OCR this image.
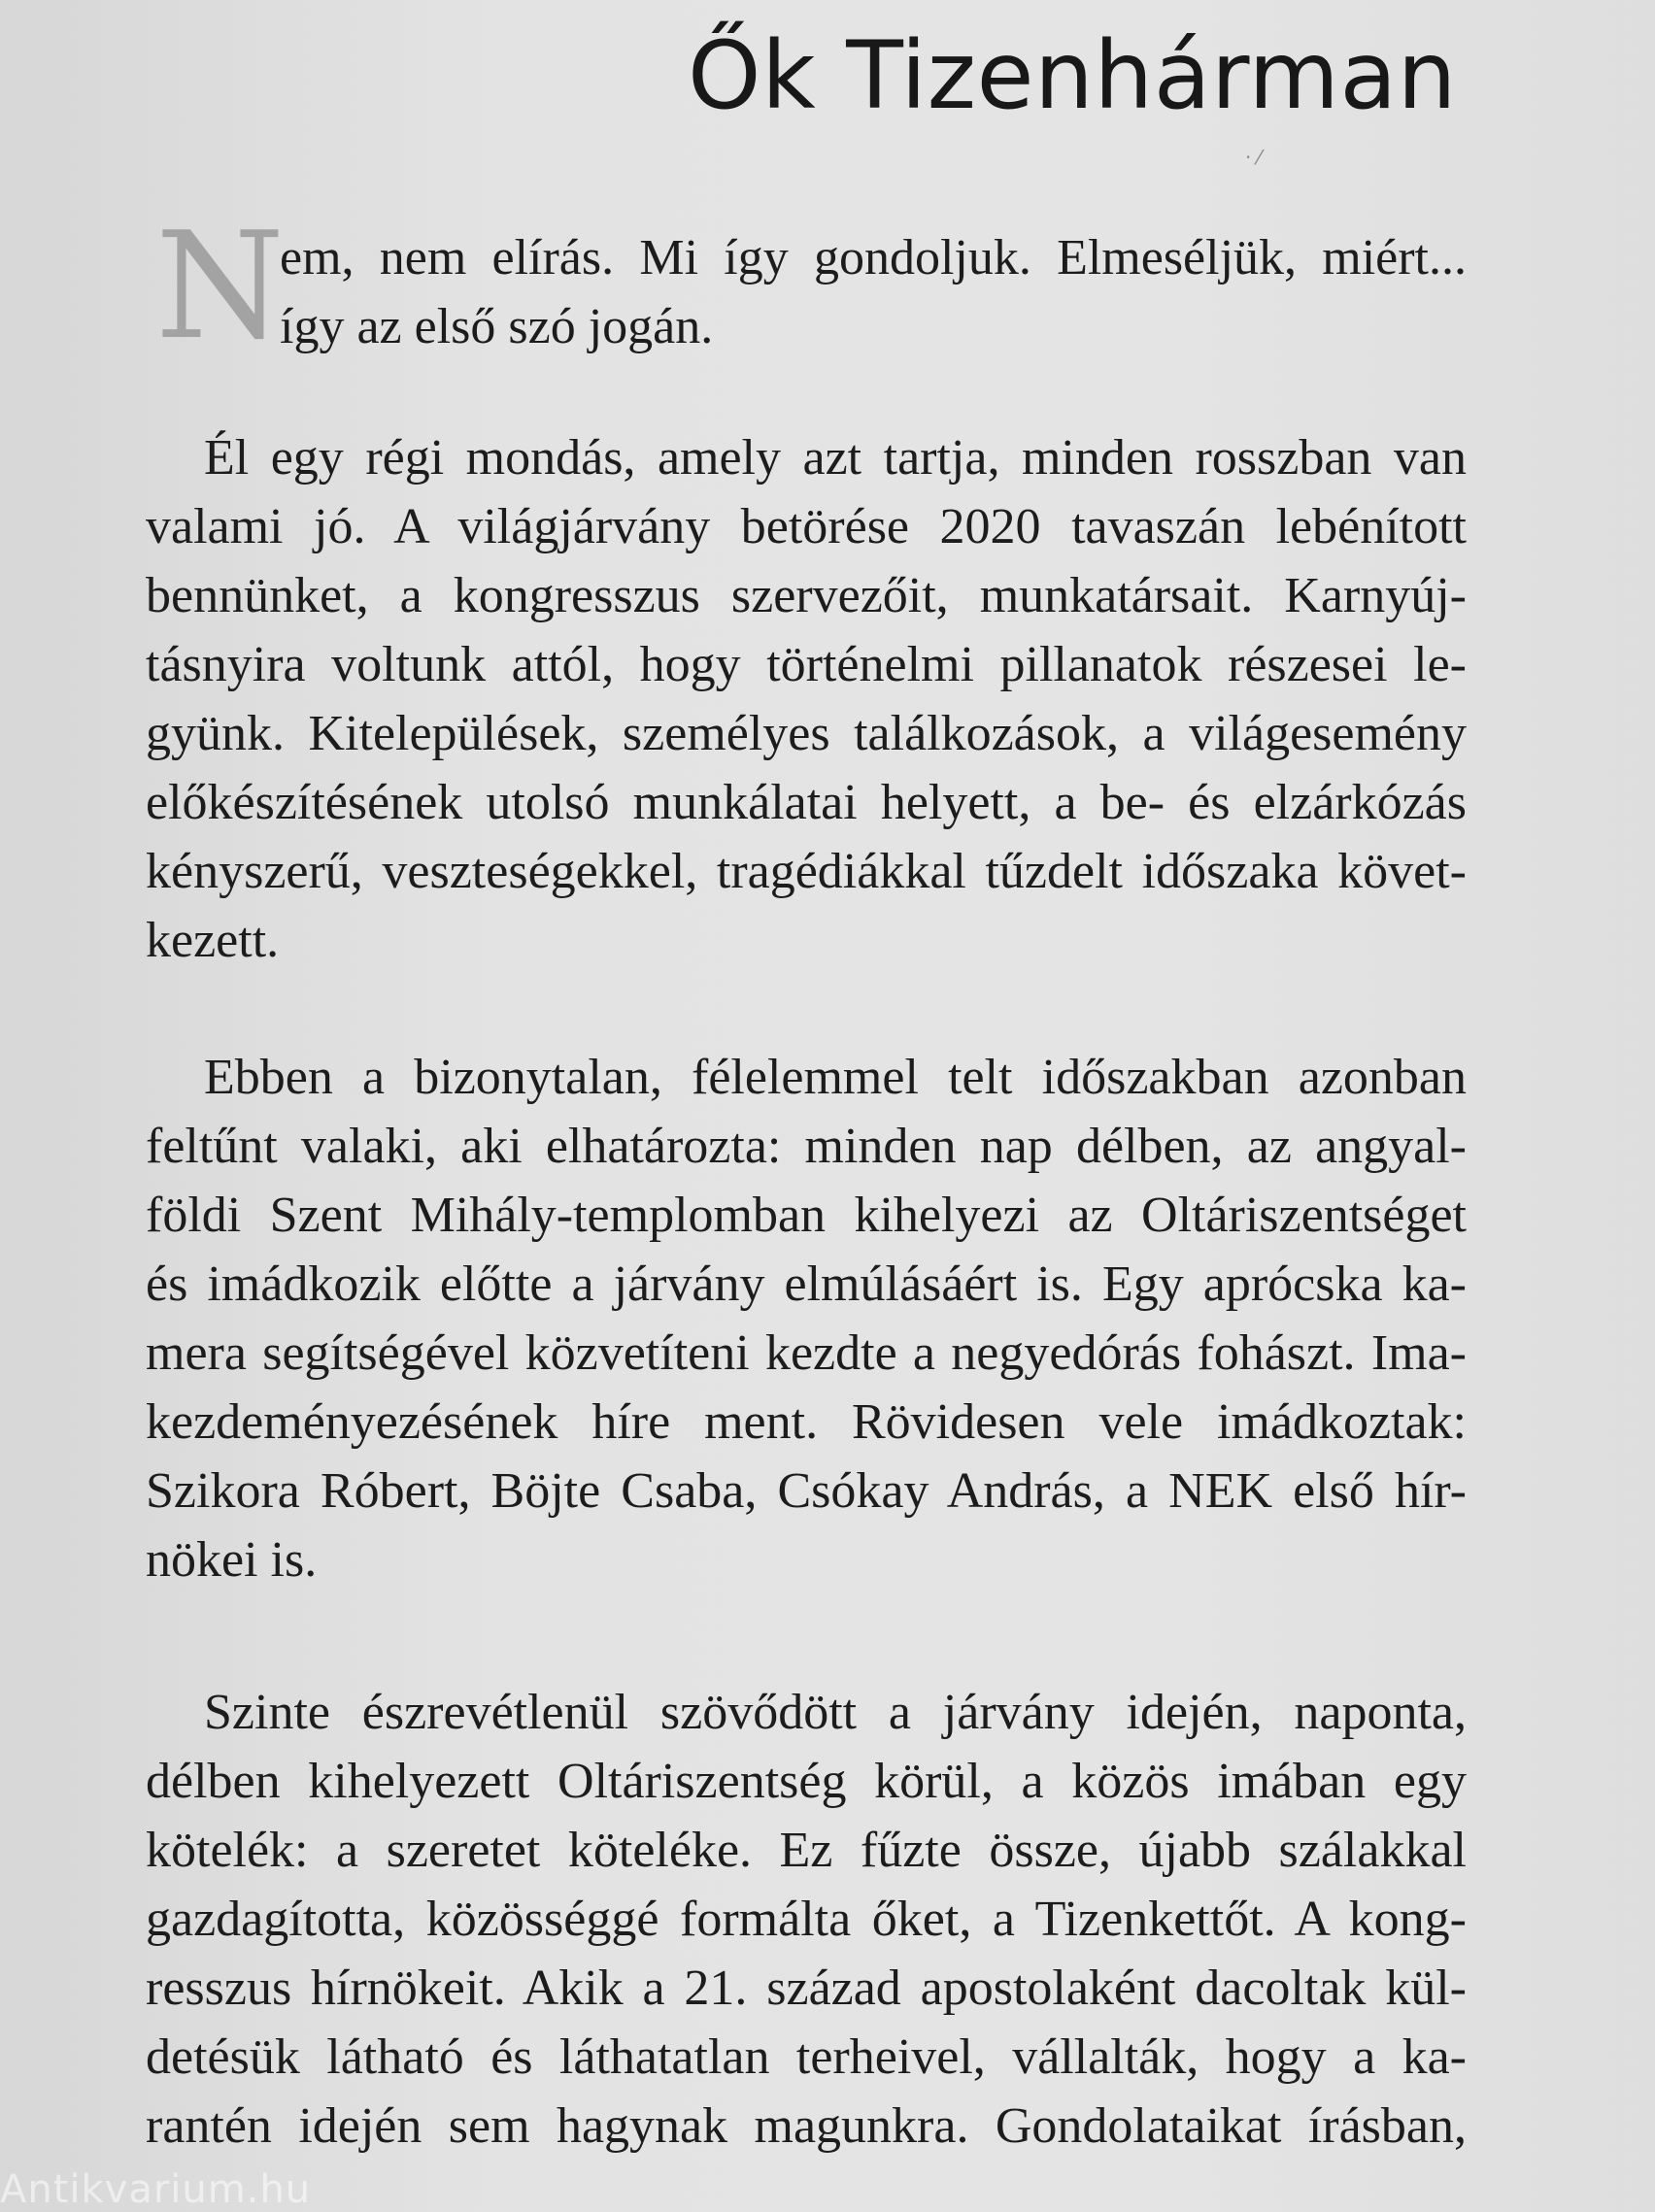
Ők Tizenhárman
· ⁄
N
em, nem elírás. Mi így gondoljuk. Elmeséljük, miért...
így az első szó jogán.
Él egy régi mondás, amely azt tartja, minden rosszban van
valami jó. A világjárvány betörése 2020 tavaszán lebénított
bennünket, a kongresszus szervezőit, munkatársait. Karnyúj-
tásnyira voltunk attól, hogy történelmi pillanatok részesei le-
gyünk. Kitelepülések, személyes találkozások, a világesemény
előkészítésének utolsó munkálatai helyett, a be- és elzárkózás
kényszerű, veszteségekkel, tragédiákkal tűzdelt időszaka követ-
kezett.
Ebben a bizonytalan, félelemmel telt időszakban azonban
feltűnt valaki, aki elhatározta: minden nap délben, az angyal-
földi Szent Mihály-templomban kihelyezi az Oltáriszentséget
és imádkozik előtte a járvány elmúlásáért is. Egy aprócska ka-
mera segítségével közvetíteni kezdte a negyedórás fohászt. Ima-
kezdeményezésének híre ment. Rövidesen vele imádkoztak:
Szikora Róbert, Böjte Csaba, Csókay András, a NEK első hír-
nökei is.
Szinte észrevétlenül szövődött a járvány idején, naponta,
délben kihelyezett Oltáriszentség körül, a közös imában egy
kötelék: a szeretet köteléke. Ez fűzte össze, újabb szálakkal
gazdagította, közösséggé formálta őket, a Tizenkettőt. A kong-
resszus hírnökeit. Akik a 21. század apostolaként dacoltak kül-
detésük látható és láthatatlan terheivel, vállalták, hogy a ka-
rantén idején sem hagynak magunkra. Gondolataikat írásban,
Antikvarium.hu
